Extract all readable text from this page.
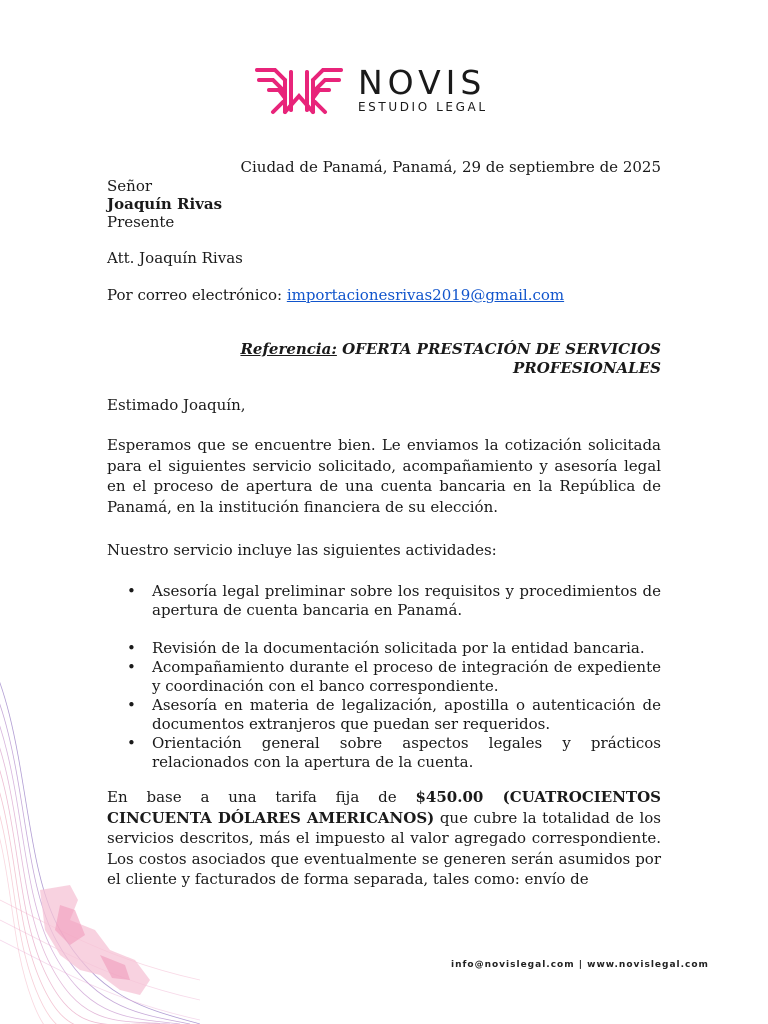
NOVIS
ESTUDIO LEGAL
Ciudad de Panamá, Panamá, 29 de septiembre de 2025
Señor
Joaquín Rivas
Presente
Att. Joaquín Rivas
Por correo electrónico: importacionesrivas2019@gmail.com
Referencia: OFERTA PRESTACIÓN DE SERVICIOS
PROFESIONALES
Estimado Joaquín,
Esperamos que se encuentre bien. Le enviamos la cotización solicitada para el siguientes servicio solicitado, acompañamiento y asesoría legal en el proceso de apertura de una cuenta bancaria en la República de Panamá, en la institución financiera de su elección.
Nuestro servicio incluye las siguientes actividades:
• Asesoría legal preliminar sobre los requisitos y procedimientos de apertura de cuenta bancaria en Panamá.
• Revisión de la documentación solicitada por la entidad bancaria.
• Acompañamiento durante el proceso de integración de expediente y coordinación con el banco correspondiente.
• Asesoría en materia de legalización, apostilla o autenticación de documentos extranjeros que puedan ser requeridos.
• Orientación general sobre aspectos legales y prácticos relacionados con la apertura de la cuenta.
En base a una tarifa fija de $450.00 (CUATROCIENTOS
CINCUENTA DÓLARES AMERICANOS) que cubre la totalidad de los servicios descritos, más el impuesto al valor agregado correspondiente. Los costos asociados que eventualmente se generen serán asumidos por el cliente y facturados de forma separada, tales como: envío de
info@novislegal.com | www.novislegal.com
